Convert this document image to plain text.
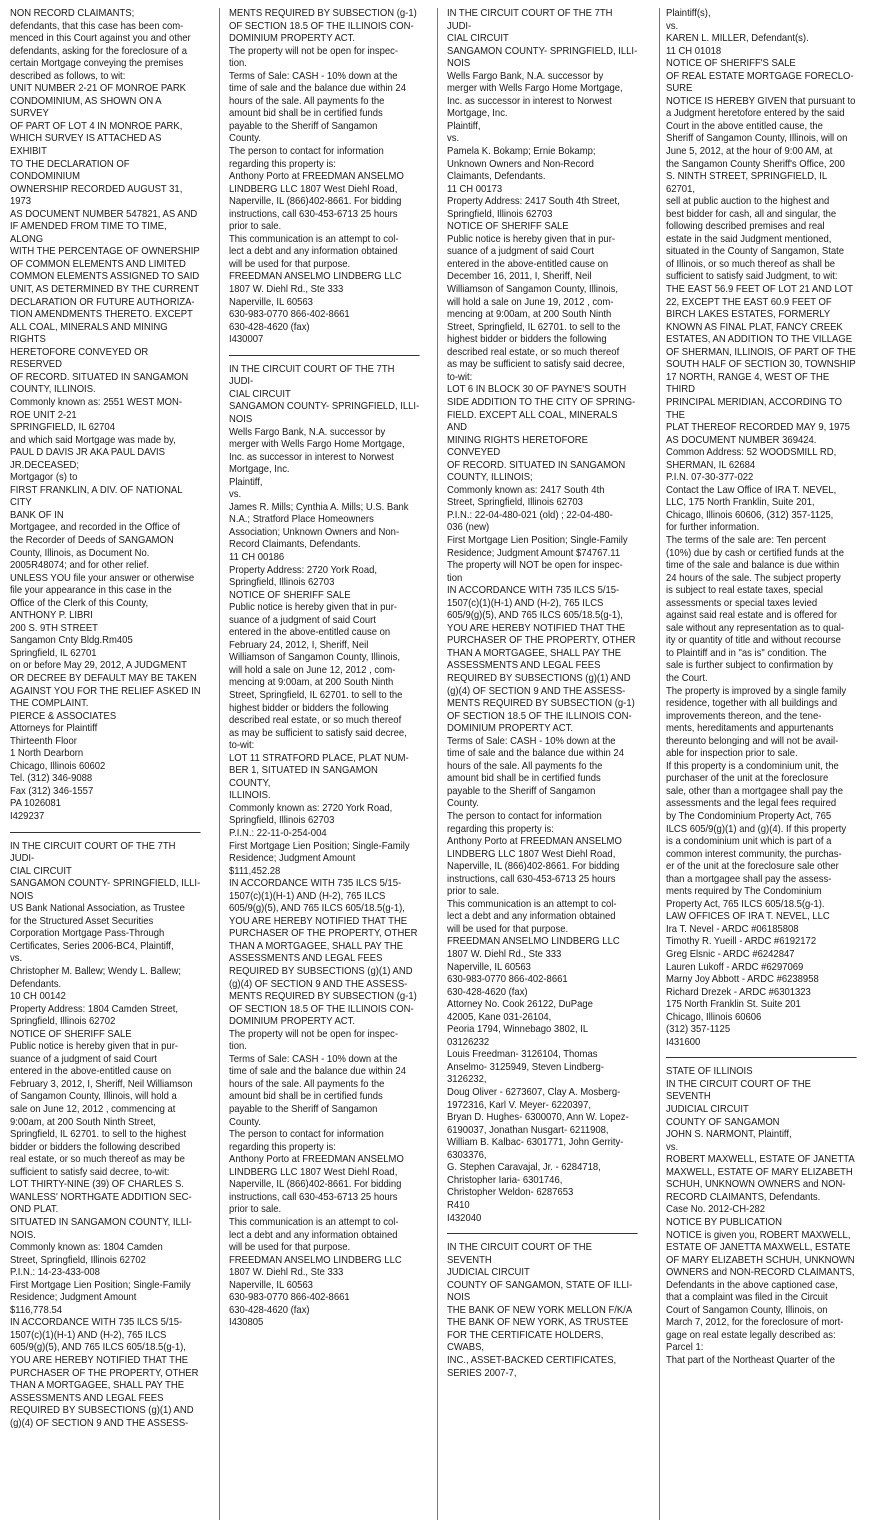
NON RECORD CLAIMANTS;

defendants, that this case has been com-

menced in this Court against you and other

defendants, asking for the foreclosure of a

certain Mortgage conveying the premises

described as follows, to wit:

UNIT NUMBER 2-21 OF MONROE PARK

CONDOMINIUM, AS SHOWN ON A SURVEY

OF PART OF LOT 4 IN MONROE PARK,

WHICH SURVEY IS ATTACHED AS EXHIBIT

TO THE DECLARATION OF CONDOMINIUM

OWNERSHIP RECORDED AUGUST 31, 1973

AS DOCUMENT NUMBER 547821, AS AND

IF AMENDED FROM TIME TO TIME, ALONG

WITH THE PERCENTAGE OF OWNERSHIP

OF COMMON ELEMENTS AND LIMITED

COMMON ELEMENTS ASSIGNED TO SAID

UNIT, AS DETERMINED BY THE CURRENT

DECLARATION OR FUTURE AUTHORIZA-

TION AMENDMENTS THERETO. EXCEPT

ALL COAL, MINERALS AND MINING RIGHTS

HERETOFORE CONVEYED OR RESERVED

OF RECORD. SITUATED IN SANGAMON

COUNTY, ILLINOIS.

Commonly known as: 2551 WEST MON-

ROE UNIT 2-21

SPRINGFIELD, IL 62704

and which said Mortgage was made by,

PAUL D DAVIS JR AKA PAUL DAVIS

JR.DECEASED;

Mortgagor (s) to

FIRST FRANKLIN, A DIV. OF NATIONAL CITY

BANK OF IN

Mortgagee, and recorded in the Office of

the Recorder of Deeds of SANGAMON

County, Illinois, as Document No.

2005R48074; and for other relief.

UNLESS YOU file your answer or otherwise

file your appearance in this case in the

Office of the Clerk of this County,

ANTHONY P. LIBRI

200 S. 9TH STREET

Sangamon Cnty Bldg.Rm405

Springfield, IL 62701

on or before May 29, 2012, A JUDGMENT

OR DECREE BY DEFAULT MAY BE TAKEN

AGAINST YOU FOR THE RELIEF ASKED IN

THE COMPLAINT.

PIERCE & ASSOCIATES

Attorneys for Plaintiff

Thirteenth Floor

1 North Dearborn

Chicago, Illinois 60602

Tel. (312) 346-9088

Fax (312) 346-1557

PA 1026081

I429237

IN THE CIRCUIT COURT OF THE 7TH JUDI-

CIAL CIRCUIT

SANGAMON COUNTY- SPRINGFIELD, ILLI-

NOIS

US Bank National Association, as Trustee

for the Structured Asset Securities

Corporation Mortgage Pass-Through

Certificates, Series 2006-BC4, Plaintiff,

vs.

Christopher M. Ballew; Wendy L. Ballew;

Defendants.

10 CH 00142

Property Address: 1804 Camden Street,

Springfield, Illinois 62702

NOTICE OF SHERIFF SALE

Public notice is hereby given that in pur-

suance of a judgment of said Court

entered in the above-entitled cause on

February 3, 2012, I, Sheriff, Neil Williamson

of Sangamon County, Illinois, will hold a

sale on June 12, 2012 , commencing at

9:00am, at 200 South Ninth Street,

Springfield, IL 62701. to sell to the highest

bidder or bidders the following described

real estate, or so much thereof as may be

sufficient to satisfy said decree, to-wit:

LOT THIRTY-NINE (39) OF CHARLES S.

WANLESS' NORTHGATE ADDITION SEC-

OND PLAT.

SITUATED IN SANGAMON COUNTY, ILLI-

NOIS.

Commonly known as: 1804 Camden

Street, Springfield, Illinois 62702

P.I.N.: 14-23-433-008

First Mortgage Lien Position; Single-Family

Residence; Judgment Amount

$116,778.54

IN ACCORDANCE WITH 735 ILCS 5/15-

1507(c)(1)(H-1) AND (H-2), 765 ILCS

605/9(g)(5), AND 765 ILCS 605/18.5(g-1),

YOU ARE HEREBY NOTIFIED THAT THE

PURCHASER OF THE PROPERTY, OTHER

THAN A MORTGAGEE, SHALL PAY THE

ASSESSMENTS AND LEGAL FEES

REQUIRED BY SUBSECTIONS (g)(1) AND

(g)(4) OF SECTION 9 AND THE ASSESS-

MENTS REQUIRED BY SUBSECTION (g-1)

OF SECTION 18.5 OF THE ILLINOIS CON-

DOMINIUM PROPERTY ACT.

The property will not be open for inspec-

tion.

Terms of Sale: CASH - 10% down at the

time of sale and the balance due within 24

hours of the sale. All payments fo the

amount bid shall be in certified funds

payable to the Sheriff of Sangamon

County.

The person to contact for information

regarding this property is:

Anthony Porto at FREEDMAN ANSELMO

LINDBERG LLC 1807 West Diehl Road,

Naperville, IL (866)402-8661. For bidding

instructions, call 630-453-6713 25 hours

prior to sale.

This communication is an attempt to col-

lect a debt and any information obtained

will be used for that purpose.

FREEDMAN ANSELMO LINDBERG LLC

1807 W. Diehl Rd., Ste 333

Naperville, IL 60563

630-983-0770 866-402-8661

630-428-4620 (fax)

I430007

IN THE CIRCUIT COURT OF THE 7TH JUDI-

CIAL CIRCUIT

SANGAMON COUNTY- SPRINGFIELD, ILLI-

NOIS

Wells Fargo Bank, N.A. successor by

merger with Wells Fargo Home Mortgage,

Inc. as successor in interest to Norwest

Mortgage, Inc.

Plaintiff,

vs.

James R. Mills; Cynthia A. Mills; U.S. Bank

N.A.; Stratford Place Homeowners

Association; Unknown Owners and Non-

Record Claimants, Defendants.

11 CH 00186

Property Address: 2720 York Road,

Springfield, Illinois 62703

NOTICE OF SHERIFF SALE

Public notice is hereby given that in pur-

suance of a judgment of said Court

entered in the above-entitled cause on

February 24, 2012, I, Sheriff, Neil

Williamson of Sangamon County, Illinois,

will hold a sale on June 12, 2012 , com-

mencing at 9:00am, at 200 South Ninth

Street, Springfield, IL 62701. to sell to the

highest bidder or bidders the following

described real estate, or so much thereof

as may be sufficient to satisfy said decree,

to-wit:

LOT 11 STRATFORD PLACE, PLAT NUM-

BER 1, SITUATED IN SANGAMON COUNTY,

ILLINOIS.

Commonly known as: 2720 York Road,

Springfield, Illinois 62703

P.I.N.: 22-11-0-254-004

First Mortgage Lien Position; Single-Family

Residence; Judgment Amount

$111,452.28

IN ACCORDANCE WITH 735 ILCS 5/15-

1507(c)(1)(H-1) AND (H-2), 765 ILCS

605/9(g)(5), AND 765 ILCS 605/18.5(g-1),

YOU ARE HEREBY NOTIFIED THAT THE

PURCHASER OF THE PROPERTY, OTHER

THAN A MORTGAGEE, SHALL PAY THE

ASSESSMENTS AND LEGAL FEES

REQUIRED BY SUBSECTIONS (g)(1) AND

(g)(4) OF SECTION 9 AND THE ASSESS-

MENTS REQUIRED BY SUBSECTION (g-1)

OF SECTION 18.5 OF THE ILLINOIS CON-

DOMINIUM PROPERTY ACT.

The property will not be open for inspec-

tion.

Terms of Sale: CASH - 10% down at the

time of sale and the balance due within 24

hours of the sale. All payments fo the

amount bid shall be in certified funds

payable to the Sheriff of Sangamon

County.

The person to contact for information

regarding this property is:

Anthony Porto at FREEDMAN ANSELMO

LINDBERG LLC 1807 West Diehl Road,

Naperville, IL (866)402-8661. For bidding

instructions, call 630-453-6713 25 hours

prior to sale.

This communication is an attempt to col-

lect a debt and any information obtained

will be used for that purpose.

FREEDMAN ANSELMO LINDBERG LLC

1807 W. Diehl Rd., Ste 333

Naperville, IL 60563

630-983-0770 866-402-8661

630-428-4620 (fax)

I430805

IN THE CIRCUIT COURT OF THE 7TH JUDI-

CIAL CIRCUIT

SANGAMON COUNTY- SPRINGFIELD, ILLI-

NOIS

Wells Fargo Bank, N.A. successor by

merger with Wells Fargo Home Mortgage,

Inc. as successor in interest to Norwest

Mortgage, Inc.

Plaintiff,

vs.

Pamela K. Bokamp; Ernie Bokamp;

Unknown Owners and Non-Record

Claimants, Defendants.

11 CH 00173

Property Address: 2417 South 4th Street,

Springfield, Illinois 62703

NOTICE OF SHERIFF SALE

Public notice is hereby given that in pur-

suance of a judgment of said Court

entered in the above-entitled cause on

December 16, 2011, I, Sheriff, Neil

Williamson of Sangamon County, Illinois,

will hold a sale on June 19, 2012 , com-

mencing at 9:00am, at 200 South Ninth

Street, Springfield, IL 62701. to sell to the

highest bidder or bidders the following

described real estate, or so much thereof

as may be sufficient to satisfy said decree,

to-wit:

LOT 6 IN BLOCK 30 OF PAYNE'S SOUTH

SIDE ADDITION TO THE CITY OF SPRING-

FIELD. EXCEPT ALL COAL, MINERALS AND

MINING RIGHTS HERETOFORE CONVEYED

OF RECORD. SITUATED IN SANGAMON

COUNTY, ILLINOIS;

Commonly known as: 2417 South 4th

Street, Springfield, Illinois 62703

P.I.N.: 22-04-480-021 (old) ; 22-04-480-

036 (new)

First Mortgage Lien Position; Single-Family

Residence; Judgment Amount $74767.11

The property will NOT be open for inspec-

tion

IN ACCORDANCE WITH 735 ILCS 5/15-

1507(c)(1)(H-1) AND (H-2), 765 ILCS

605/9(g)(5), AND 765 ILCS 605/18.5(g-1),

YOU ARE HEREBY NOTIFIED THAT THE

PURCHASER OF THE PROPERTY, OTHER

THAN A MORTGAGEE, SHALL PAY THE

ASSESSMENTS AND LEGAL FEES

REQUIRED BY SUBSECTIONS (g)(1) AND

(g)(4) OF SECTION 9 AND THE ASSESS-

MENTS REQUIRED BY SUBSECTION (g-1)

OF SECTION 18.5 OF THE ILLINOIS CON-

DOMINIUM PROPERTY ACT.

Terms of Sale: CASH - 10% down at the

time of sale and the balance due within 24

hours of the sale. All payments fo the

amount bid shall be in certified funds

payable to the Sheriff of Sangamon

County.

The person to contact for information

regarding this property is:

Anthony Porto at FREEDMAN ANSELMO

LINDBERG LLC 1807 West Diehl Road,

Naperville, IL (866)402-8661. For bidding

instructions, call 630-453-6713 25 hours

prior to sale.

This communication is an attempt to col-

lect a debt and any information obtained

will be used for that purpose.

FREEDMAN ANSELMO LINDBERG LLC

1807 W. Diehl Rd., Ste 333

Naperville, IL 60563

630-983-0770 866-402-8661

630-428-4620 (fax)

Attorney No. Cook 26122, DuPage

42005, Kane 031-26104,

Peoria 1794, Winnebago 3802, IL

03126232

Louis Freedman- 3126104, Thomas

Anselmo- 3125949, Steven Lindberg-

3126232,

Doug Oliver - 6273607, Clay A. Mosberg-

1972316, Karl V. Meyer- 6220397,

Bryan D. Hughes- 6300070, Ann W. Lopez-

6190037, Jonathan Nusgart- 6211908,

William B. Kalbac- 6301771, John Gerrity-

6303376,

G. Stephen Caravajal, Jr. - 6284718,

Christopher Iaria- 6301746,

Christopher Weldon- 6287653

R410

I432040

IN THE CIRCUIT COURT OF THE SEVENTH

JUDICIAL CIRCUIT

COUNTY OF SANGAMON, STATE OF ILLI-

NOIS

THE BANK OF NEW YORK MELLON F/K/A

THE BANK OF NEW YORK, AS TRUSTEE

FOR THE CERTIFICATE HOLDERS, CWABS,

INC., ASSET-BACKED CERTIFICATES,

SERIES 2007-7,

Plaintiff(s),

vs.

KAREN L. MILLER, Defendant(s).

11 CH 01018

NOTICE OF SHERIFF'S SALE

OF REAL ESTATE MORTGAGE FORECLO-

SURE

NOTICE IS HEREBY GIVEN that pursuant to

a Judgment heretofore entered by the said

Court in the above entitled cause, the

Sheriff of Sangamon County, Illinois, will on

June 5, 2012, at the hour of 9:00 AM, at

the Sangamon County Sheriff's Office, 200

S. NINTH STREET, SPRINGFIELD, IL 62701,

sell at public auction to the highest and

best bidder for cash, all and singular, the

following described premises and real

estate in the said Judgment mentioned,

situated in the County of Sangamon, State

of Illinois, or so much thereof as shall be

sufficient to satisfy said Judgment, to wit:

THE EAST 56.9 FEET OF LOT 21 AND LOT

22, EXCEPT THE EAST 60.9 FEET OF

BIRCH LAKES ESTATES, FORMERLY

KNOWN AS FINAL PLAT, FANCY CREEK

ESTATES, AN ADDITION TO THE VILLAGE

OF SHERMAN, ILLINOIS, OF PART OF THE

SOUTH HALF OF SECTION 30, TOWNSHIP

17 NORTH, RANGE 4, WEST OF THE THIRD

PRINCIPAL MERIDIAN, ACCORDING TO THE

PLAT THEREOF RECORDED MAY 9, 1975

AS DOCUMENT NUMBER 369424.

Common Address: 52 WOODSMILL RD,

SHERMAN, IL 62684

P.I.N. 07-30-377-022

Contact the Law Office of IRA T. NEVEL,

LLC, 175 North Franklin, Suite 201,

Chicago, Illinois 60606, (312) 357-1125,

for further information.

The terms of the sale are: Ten percent

(10%) due by cash or certified funds at the

time of the sale and balance is due within

24 hours of the sale. The subject property

is subject to real estate taxes, special

assessments or special taxes levied

against said real estate and is offered for

sale without any representation as to qual-

ity or quantity of title and without recourse

to Plaintiff and in "as is" condition. The

sale is further subject to confirmation by

the Court.

The property is improved by a single family

residence, together with all buildings and

improvements thereon, and the tene-

ments, hereditaments and appurtenants

thereunto belonging and will not be avail-

able for inspection prior to sale.

If this property is a condominium unit, the

purchaser of the unit at the foreclosure

sale, other than a mortgagee shall pay the

assessments and the legal fees required

by The Condominium Property Act, 765

ILCS 605/9(g)(1) and (g)(4). If this property

is a condominium unit which is part of a

common interest community, the purchas-

er of the unit at the foreclosure sale other

than a mortgagee shall pay the assess-

ments required by The Condominium

Property Act, 765 ILCS 605/18.5(g-1).

LAW OFFICES OF IRA T. NEVEL, LLC

Ira T. Nevel - ARDC #06185808

Timothy R. Yueill - ARDC #6192172

Greg Elsnic - ARDC #6242847

Lauren Lukoff - ARDC #6297069

Marny Joy Abbott - ARDC #6238958

Richard Drezek - ARDC #6301323

175 North Franklin St. Suite 201

Chicago, Illinois 60606

(312) 357-1125

I431600

STATE OF ILLINOIS

IN THE CIRCUIT COURT OF THE SEVENTH

JUDICIAL CIRCUIT

COUNTY OF SANGAMON

JOHN S. NARMONT, Plaintiff,

vs.

ROBERT MAXWELL, ESTATE OF JANETTA

MAXWELL, ESTATE OF MARY ELIZABETH

SCHUH, UNKNOWN OWNERS and NON-

RECORD CLAIMANTS, Defendants.

Case No. 2012-CH-282

NOTICE BY PUBLICATION

NOTICE is given you, ROBERT MAXWELL,

ESTATE OF JANETTA MAXWELL, ESTATE

OF MARY ELIZABETH SCHUH, UNKNOWN

OWNERS and NON-RECORD CLAIMANTS,

Defendants in the above captioned case,

that a complaint was filed in the Circuit

Court of Sangamon County, Illinois, on

March 7, 2012, for the foreclosure of mort-

gage on real estate legally described as:

Parcel 1:

That part of the Northeast Quarter of the
